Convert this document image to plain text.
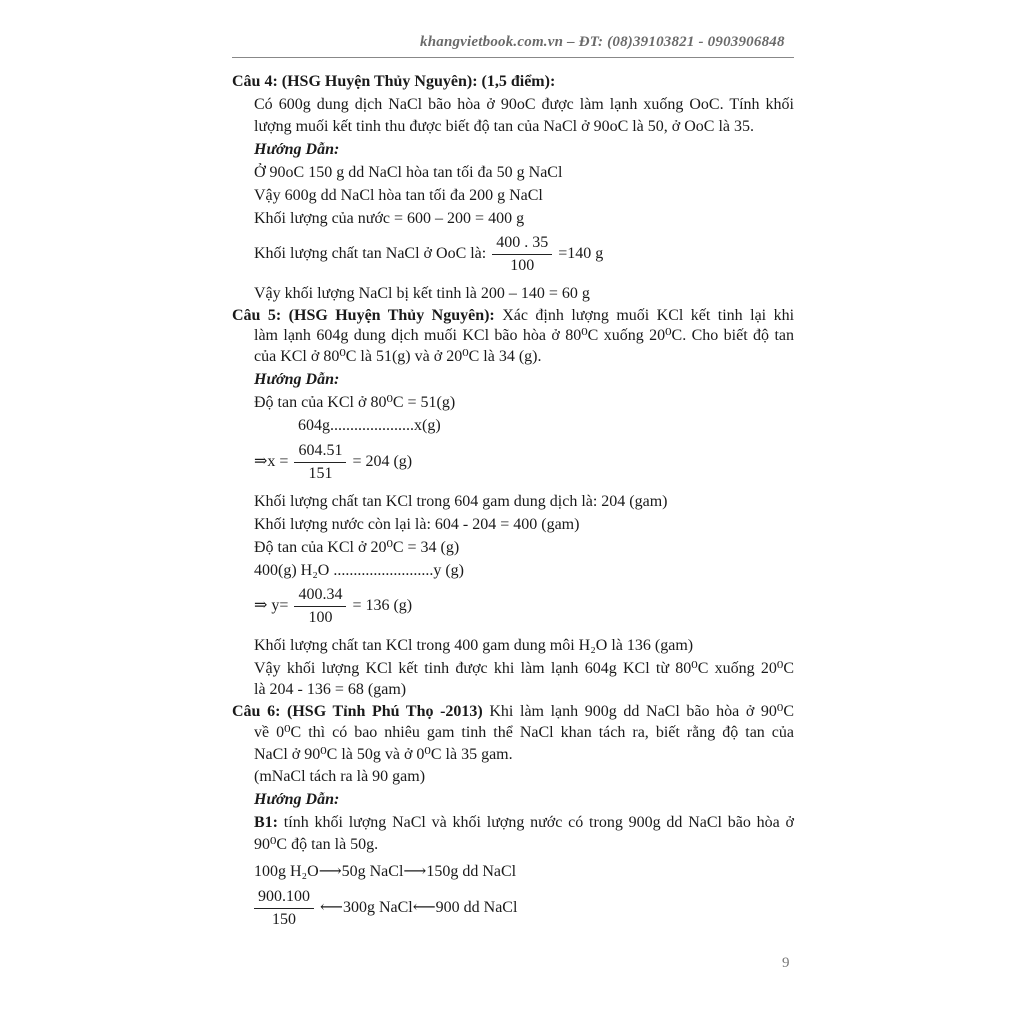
khangvietbook.com.vn – ĐT: (08)39103821 - 0903906848
Câu 4: (HSG Huyện Thủy Nguyên): (1,5 điểm):
Có 600g dung dịch NaCl bão hòa ở 90oC được làm lạnh xuống OoC. Tính khối
lượng muối kết tinh thu được biết độ tan của NaCl ở 90oC là 50, ở OoC là 35.
Hướng Dẫn:
Ở 90oC 150 g dd NaCl hòa tan tối đa 50 g NaCl
Vậy 600g dd NaCl hòa tan tối đa 200 g NaCl
Khối lượng của nước = 600 – 200 = 400 g
Khối lượng chất tan NaCl ở OoC là: $\frac{400 . 35}{100} =140$ g
Vậy khối lượng NaCl bị kết tinh là 200 – 140 = 60 g
Câu 5: (HSG Huyện Thủy Nguyên): Xác định lượng muối KCl kết tinh lại khi
làm lạnh 604g dung dịch muối KCl bão hòa ở 80⁰C xuống 20⁰C. Cho biết độ tan
của KCl ở 80⁰C là 51(g) và ở 20⁰C là 34 (g).
Hướng Dẫn:
Độ tan của KCl ở 80⁰C = 51(g)
604g.....................x(g)
⇒x = $\frac{604.51}{151} = 204$ (g)
Khối lượng chất tan KCl trong 604 gam dung dịch là: 204 (gam)
Khối lượng nước còn lại là: 604 - 204 = 400 (gam)
Độ tan của KCl ở 20⁰C = 34 (g)
400(g) H₂O .........................y (g)
⇒ $y= \frac{400.34}{100} = 136$ (g)
Khối lượng chất tan KCl trong 400 gam dung môi H₂O là 136 (gam)
Vậy khối lượng KCl kết tinh được khi làm lạnh 604g KCl từ 80⁰C xuống 20⁰C
là 204 - 136 = 68 (gam)
Câu 6: (HSG Tỉnh Phú Thọ -2013) Khi làm lạnh 900g dd NaCl bão hòa ở 90⁰C
về 0⁰C thì có bao nhiêu gam tinh thể NaCl khan tách ra, biết rằng độ tan của
NaCl ở 90⁰C là 50g và ở 0⁰C là 35 gam.
(mNaCl tách ra là 90 gam)
Hướng Dẫn:
B1: tính khối lượng NaCl và khối lượng nước có trong 900g dd NaCl bão hòa ở
90⁰C độ tan là 50g.
100g H₂O⟶50g NaCl⟶150g dd NaCl
$\frac{900.100}{150}$ ⟵300g NaCl⟵900 dd NaCl
9
